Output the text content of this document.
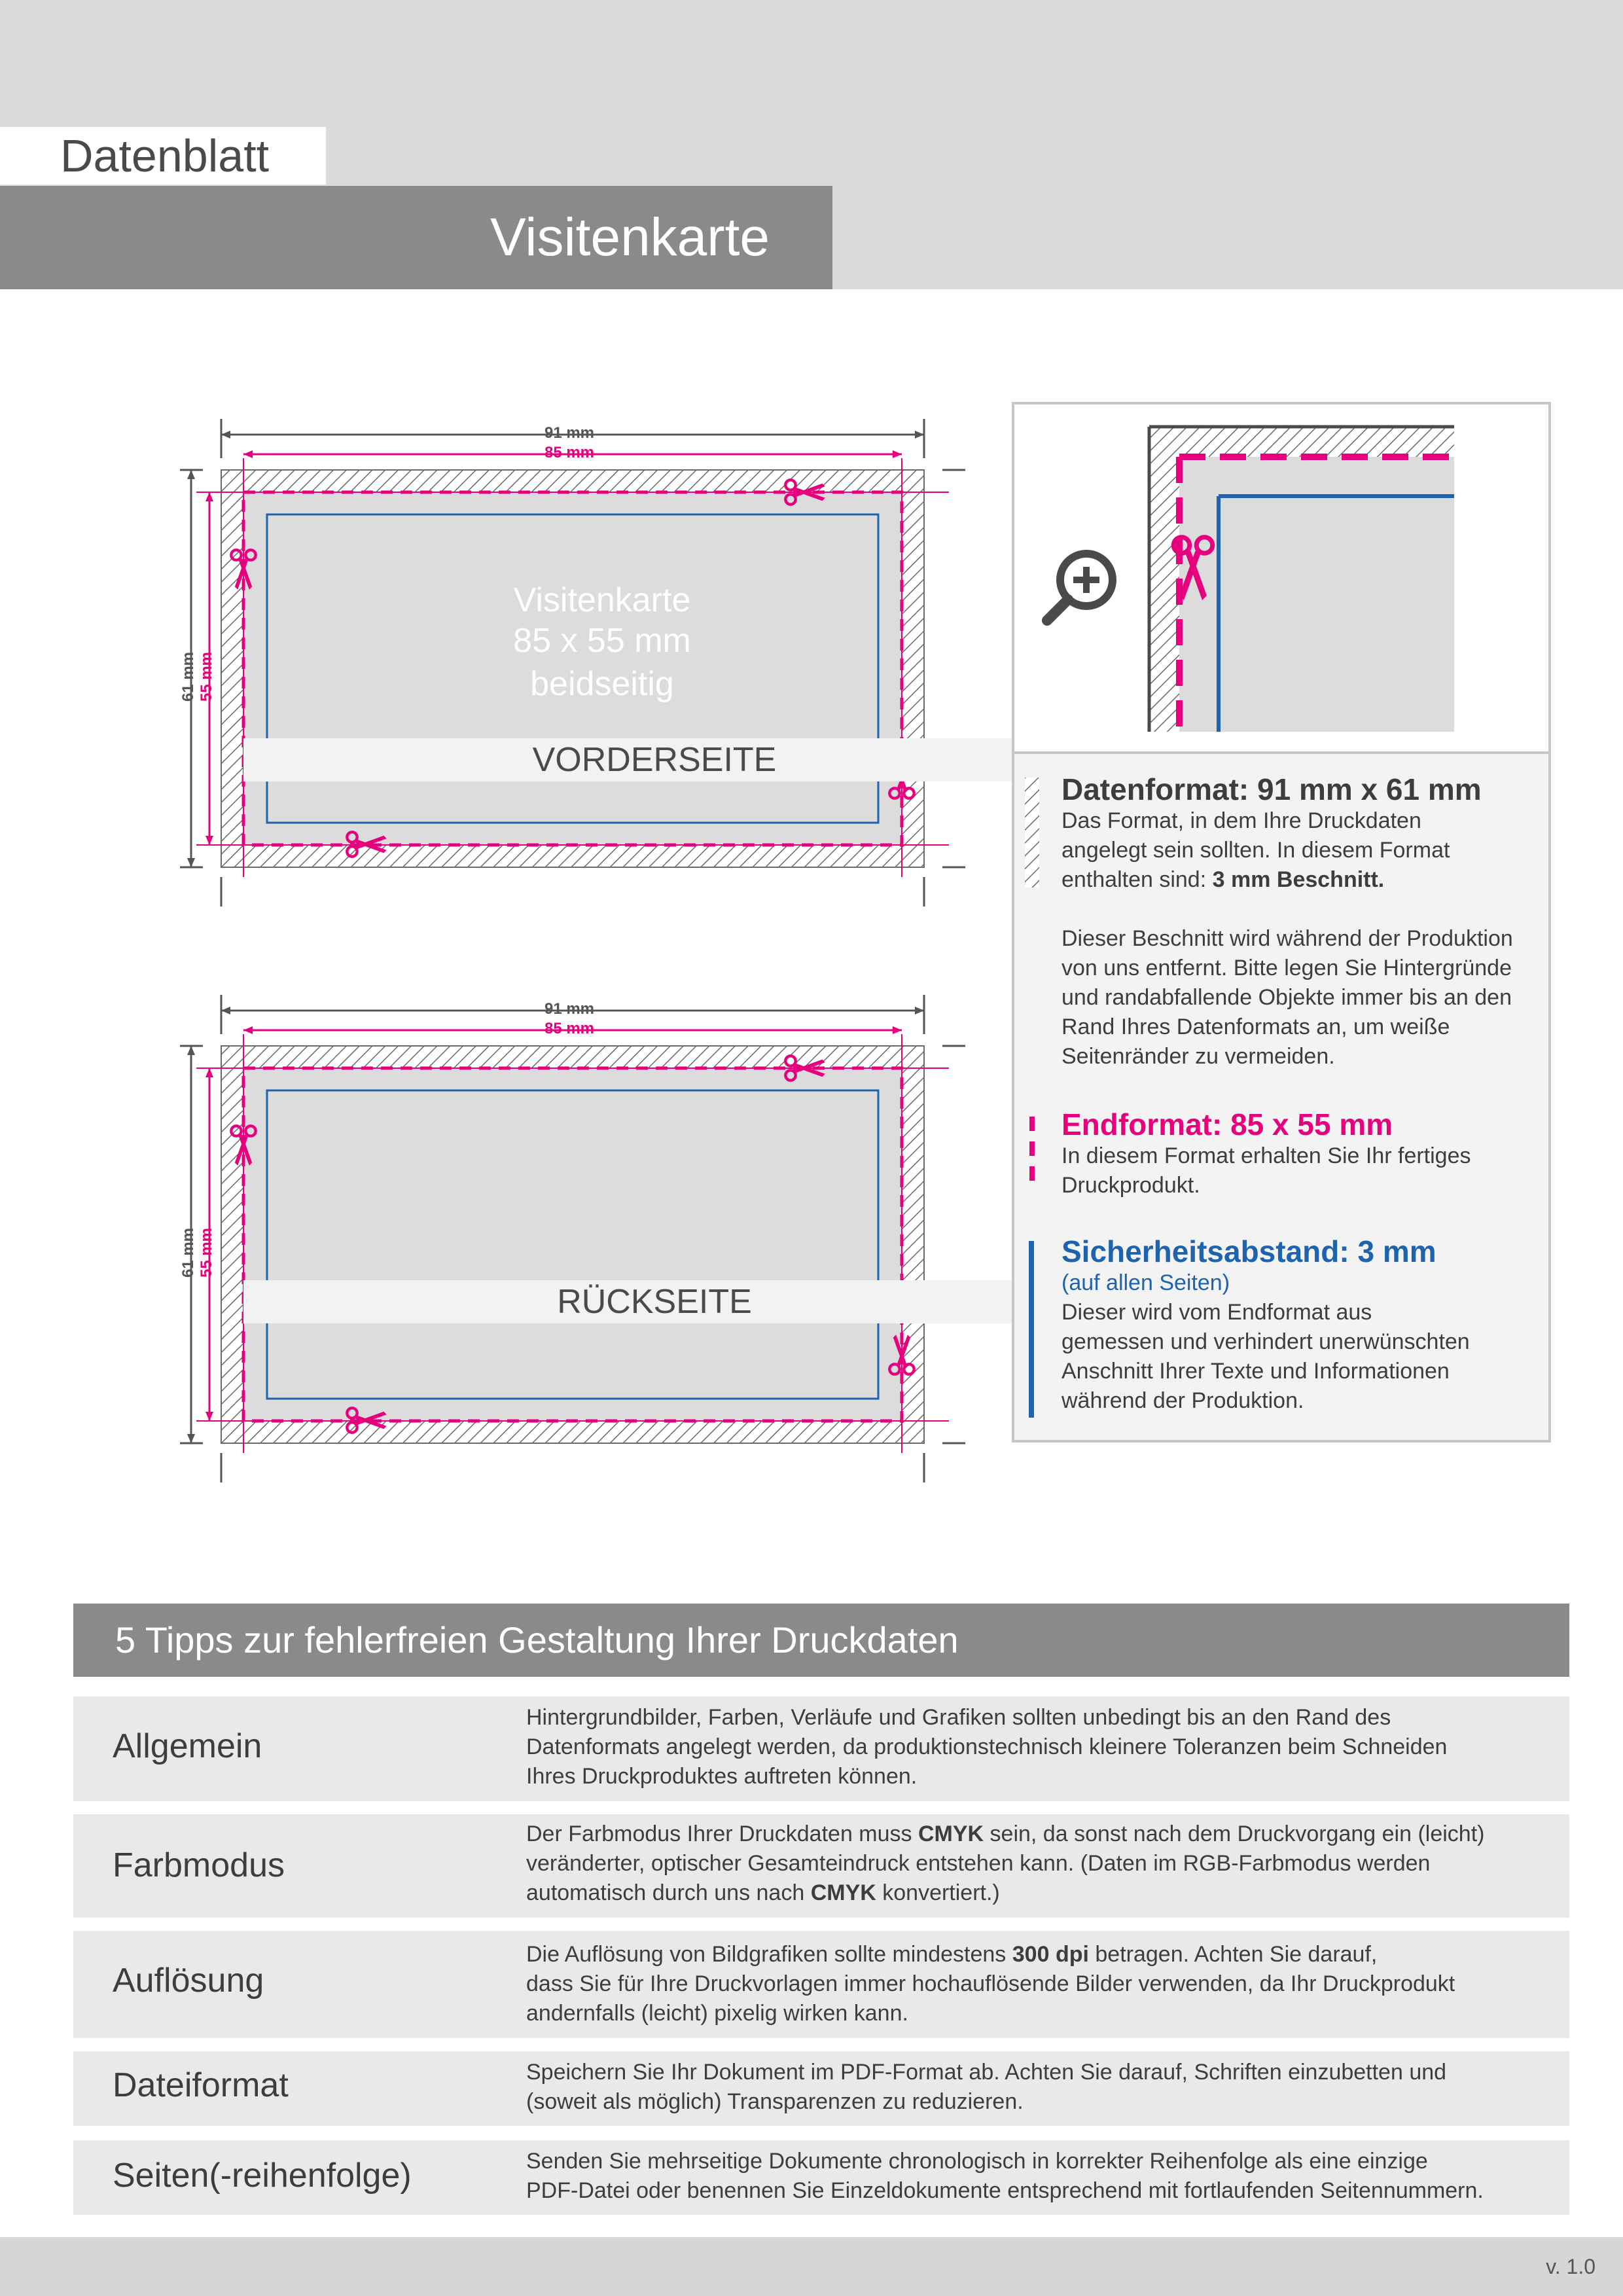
Datenblatt
Visitenkarte
91 mm
85 mm
61 mm 55 mm
Visitenkarte
85 x 55 mm
beidseitig
VORDERSEITE
91 mm
85 mm
61 mm 55 mm
RÜCKSEITE
Datenformat: 91 mm x 61 mm

Das Format, in dem Ihre Druckdaten

angelegt sein sollten. In diesem Format

enthalten sind: 3 mm Beschnitt.

Dieser Beschnitt wird während der Produktion

von uns entfernt. Bitte legen Sie Hintergründe

und randabfallende Objekte immer bis an den

Rand Ihres Datenformats an, um weiße

Seitenränder zu vermeiden.

Endformat: 85 x 55 mm

In diesem Format erhalten Sie Ihr fertiges

Druckprodukt.

Sicherheitsabstand: 3 mm

(auf allen Seiten)

Dieser wird vom Endformat aus

gemessen und verhindert unerwünschten

Anschnitt Ihrer Texte und Informationen

während der Produktion.

5 Tipps zur fehlerfreien Gestaltung Ihrer Druckdaten
Allgemein
Hintergrundbilder, Farben, Verläufe und Grafiken sollten unbedingt bis an den Rand des
Datenformats angelegt werden, da produktionstechnisch kleinere Toleranzen beim Schneiden
Ihres Druckproduktes auftreten können.
Farbmodus
Der Farbmodus Ihrer Druckdaten muss CMYK sein, da sonst nach dem Druckvorgang ein (leicht)
veränderter, optischer Gesamteindruck entstehen kann. (Daten im RGB-Farbmodus werden
automatisch durch uns nach CMYK konvertiert.)
Auflösung
Die Auflösung von Bildgrafiken sollte mindestens 300 dpi betragen. Achten Sie darauf,
dass Sie für Ihre Druckvorlagen immer hochauflösende Bilder verwenden, da Ihr Druckprodukt
andernfalls (leicht) pixelig wirken kann.
Dateiformat	Speichern Sie Ihr Dokument im PDF-Format ab. Achten Sie darauf, Schriften einzubetten und
(soweit als möglich) Transparenzen zu reduzieren.
Seiten(-reihenfolge)	Senden Sie mehrseitige Dokumente chronologisch in korrekter Reihenfolge als eine einzige
PDF-Datei oder benennen Sie Einzeldokumente entsprechend mit fortlaufenden Seitennummern.
v. 1.0
